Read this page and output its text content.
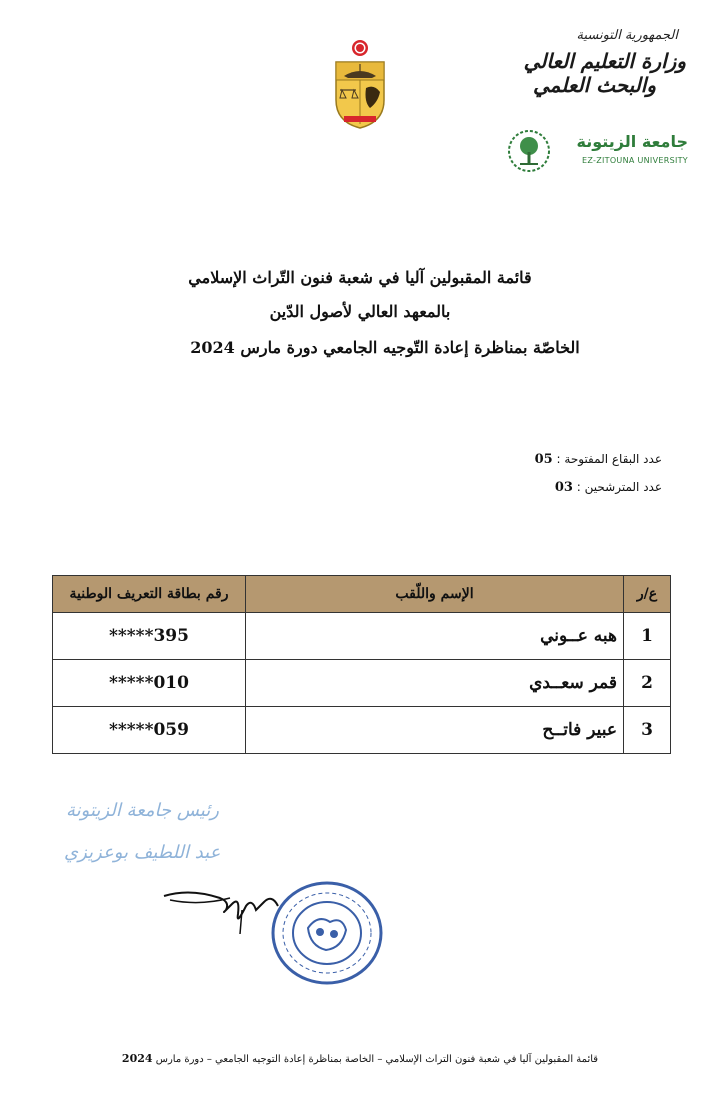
الجمهورية التونسية
وزارة التعليم العالي
والبحث العلمي
جامعة الزيتونة
EZ-ZITOUNA UNIVERSITY
قائمة المقبولين آليا في شعبة فنون التّراث الإسلامي
بالمعهد العالي لأصول الدّين
الخاصّة بمناظرة إعادة التّوجيه الجامعي دورة مارس 2024
عدد البقاع المفتوحة : 05
عدد المترشحين : 03
ع/ر	الإسم واللّقب	رقم بطاقة التعريف الوطنية
1	هبه عــوني	395*****
2	قمر سعــدي	010*****
3	عبير فاتــح	059*****
رئيس جامعة الزيتونة
عبد اللطيف بوعزيزي
قائمة المقبولين آليا في شعبة فنون التراث الإسلامي – الخاصة بمناظرة إعادة التوجيه الجامعي – دورة مارس 2024
